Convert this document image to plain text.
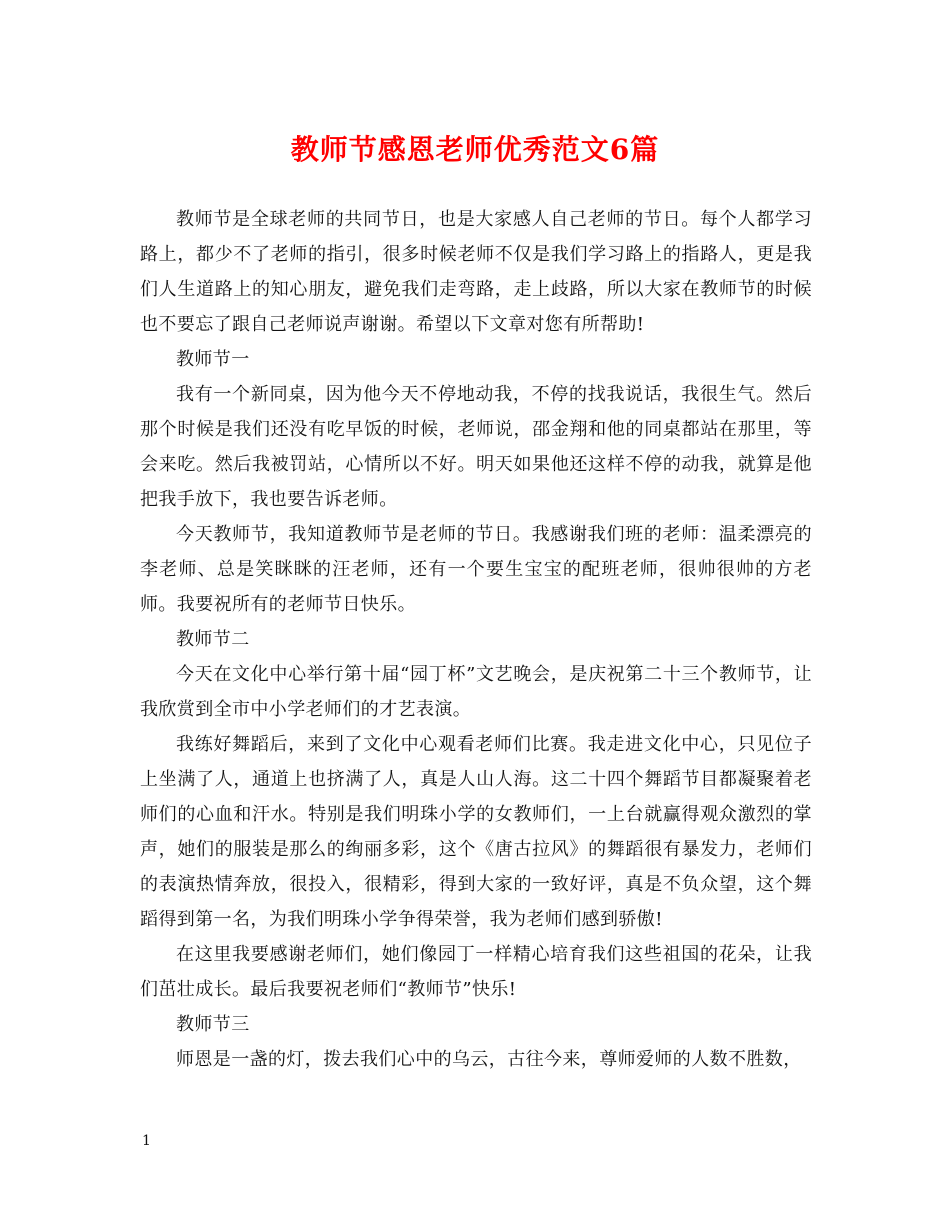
教师节感恩老师优秀范文6篇

教师节是全球老师的共同节日，也是大家感人自己老师的节日。每个人都学习路上，都少不了老师的指引，很多时候老师不仅是我们学习路上的指路人，更是我们人生道路上的知心朋友，避免我们走弯路，走上歧路，所以大家在教师节的时候也不要忘了跟自己老师说声谢谢。希望以下文章对您有所帮助!

教师节一

我有一个新同桌，因为他今天不停地动我，不停的找我说话，我很生气。然后那个时候是我们还没有吃早饭的时候，老师说，邵金翔和他的同桌都站在那里，等会来吃。然后我被罚站，心情所以不好。明天如果他还这样不停的动我，就算是他把我手放下，我也要告诉老师。

今天教师节，我知道教师节是老师的节日。我感谢我们班的老师：温柔漂亮的李老师、总是笑眯眯的汪老师，还有一个要生宝宝的配班老师，很帅很帅的方老师。我要祝所有的老师节日快乐。

教师节二

今天在文化中心举行第十届“园丁杯”文艺晚会，是庆祝第二十三个教师节，让我欣赏到全市中小学老师们的才艺表演。

我练好舞蹈后，来到了文化中心观看老师们比赛。我走进文化中心，只见位子上坐满了人，通道上也挤满了人，真是人山人海。这二十四个舞蹈节目都凝聚着老师们的心血和汗水。特别是我们明珠小学的女教师们，一上台就赢得观众激烈的掌声，她们的服装是那么的绚丽多彩，这个《唐古拉风》的舞蹈很有暴发力，老师们的表演热情奔放，很投入，很精彩，得到大家的一致好评，真是不负众望，这个舞蹈得到第一名，为我们明珠小学争得荣誉，我为老师们感到骄傲!

在这里我要感谢老师们，她们像园丁一样精心培育我们这些祖国的花朵，让我们茁壮成长。最后我要祝老师们“教师节”快乐!

教师节三

师恩是一盏的灯，拨去我们心中的乌云，古往今来，尊师爱师的人数不胜数，

1
